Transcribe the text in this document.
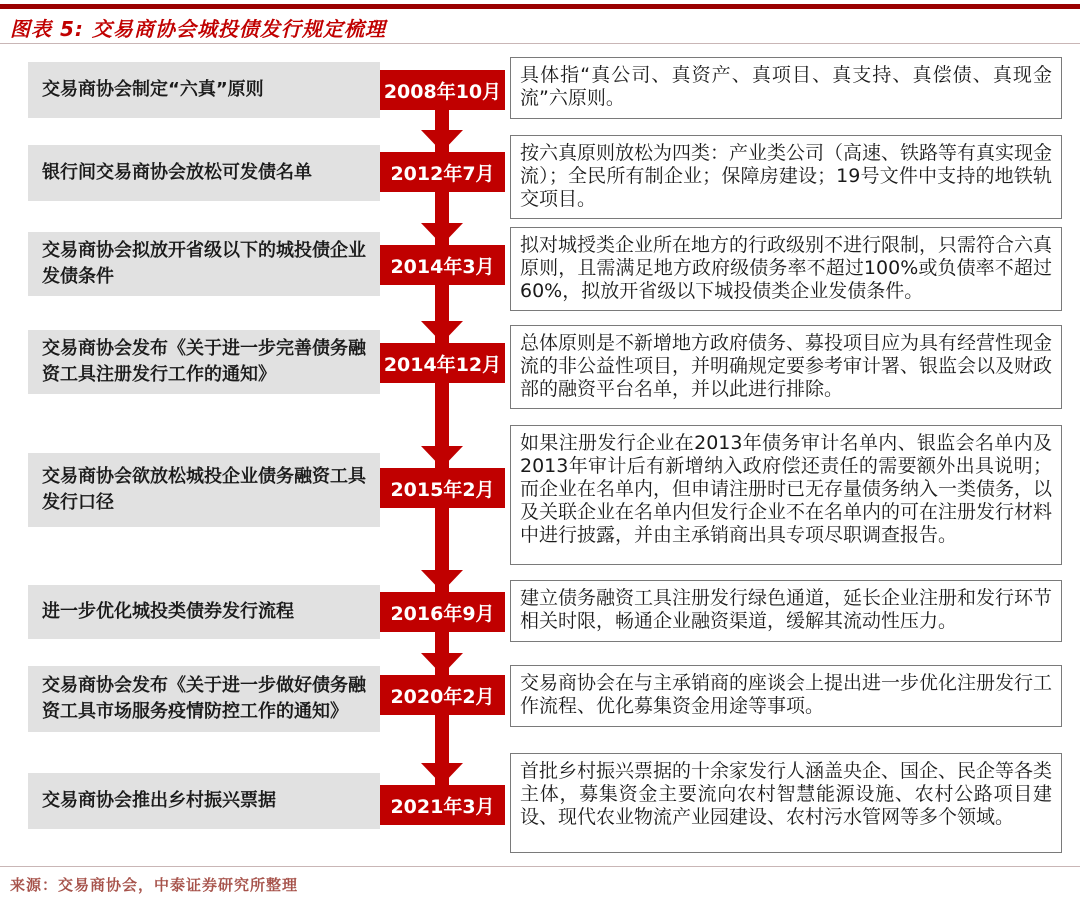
图表 5: 交易商协会城投债发行规定梳理
交易商协会制定“六真”原则	2008年10月
具体指“真公司、真资产、真项目、真支持、真偿债、真现金流”六原则。
银行间交易商协会放松可发债名单	2012年7月
按六真原则放松为四类：产业类公司（高速、铁路等有真实现金流）；全民所有制企业；保障房建设；19号文件中支持的地铁轨交项目。
交易商协会拟放开省级以下的城投债企业发债条件	2014年3月
拟对城授类企业所在地方的行政级别不进行限制，只需符合六真原则，且需满足地方政府级债务率不超过100%或负债率不超过60%，拟放开省级以下城投债类企业发债条件。
交易商协会发布《关于进一步完善债务融资工具注册发行工作的通知》	2014年12月
总体原则是不新增地方政府债务、募投项目应为具有经营性现金流的非公益性项目，并明确规定要参考审计署、银监会以及财政部的融资平台名单，并以此进行排除。
交易商协会欲放松城投企业债务融资工具发行口径
2015年2月
如果注册发行企业在2013年债务审计名单内、银监会名单内及2013年审计后有新增纳入政府偿还责任的需要额外出具说明；而企业在名单内，但申请注册时已无存量债务纳入一类债务，以及关联企业在名单内但发行企业不在名单内的可在注册发行材料中进行披露，并由主承销商出具专项尽职调查报告。
进一步优化城投类债券发行流程	2016年9月
建立债务融资工具注册发行绿色通道，延长企业注册和发行环节相关时限，畅通企业融资渠道，缓解其流动性压力。
交易商协会发布《关于进一步做好债务融资工具市场服务疫情防控工作的通知》
2020年2月
交易商协会在与主承销商的座谈会上提出进一步优化注册发行工作流程、优化募集资金用途等事项。
交易商协会推出乡村振兴票据	2021年3月
首批乡村振兴票据的十余家发行人涵盖央企、国企、民企等各类主体，募集资金主要流向农村智慧能源设施、农村公路项目建设、现代农业物流产业园建设、农村污水管网等多个领域。
来源：交易商协会，中泰证券研究所整理
